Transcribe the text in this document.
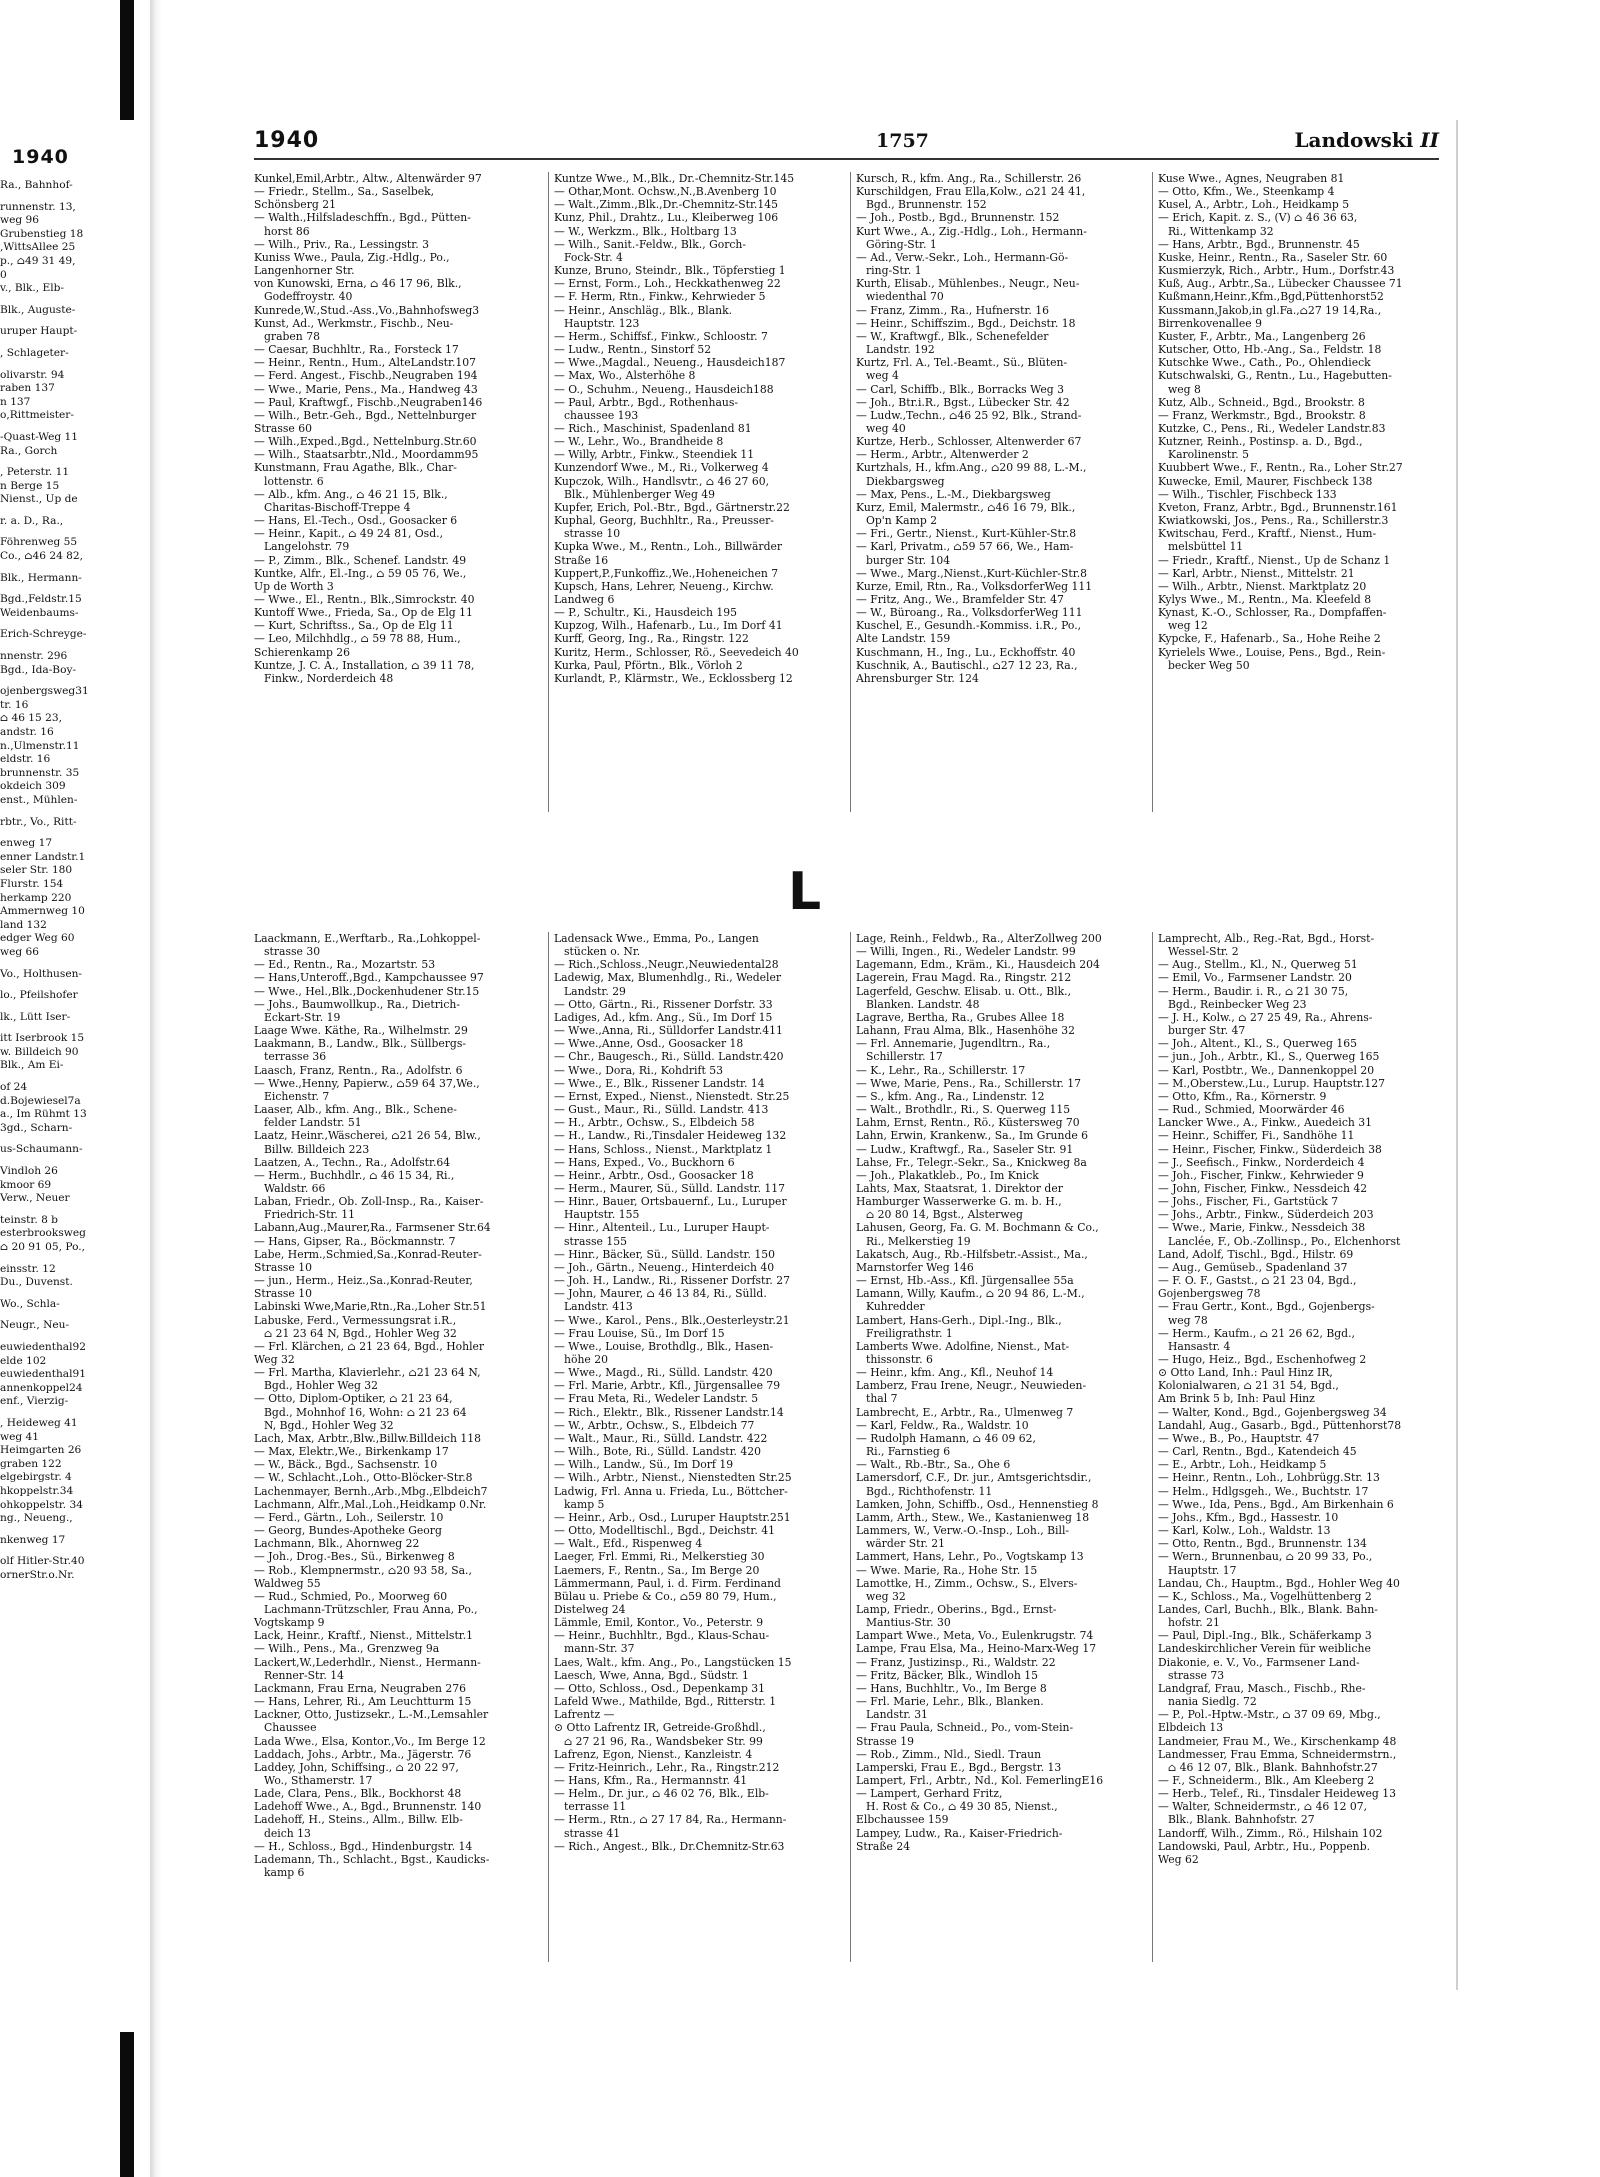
1940
Ra., Bahnhof-
runnenstr. 13,
weg 96
Grubenstieg 18
,WittsAllee 25
p., ⌂49 31 49,
0
v., Blk., Elb-
Blk., Auguste-
uruper Haupt-
, Schlageter-
olivarstr. 94
raben 137
n 137
o,Rittmeister-
-Quast-Weg 11
Ra., Gorch
, Peterstr. 11
n Berge 15
Nienst., Up de
r. a. D., Ra.,
Föhrenweg 55
Co., ⌂46 24 82,
Blk., Hermann-
Bgd.,Feldstr.15
Weidenbaums-
Erich-Schreyge-
nnenstr. 296
Bgd., Ida-Boy-
ojenbergsweg31
tr. 16
⌂ 46 15 23,
andstr. 16
n.,Ulmenstr.11
eldstr. 16
brunnenstr. 35
okdeich 309
enst., Mühlen-
rbtr., Vo., Ritt-
enweg 17
enner Landstr.1
seler Str. 180
Flurstr. 154
herkamp 220
Ammernweg 10
land 132
edger Weg 60
weg 66
Vo., Holthusen-
lo., Pfeilshofer
lk., Lütt Iser-
itt Iserbrook 15
w. Billdeich 90
Blk., Am Ei-
of 24
d.Bojewiesel7a
a., Im Rühmt 13
3gd., Scharn-
us-Schaumann-
Vindloh 26
kmoor 69
Verw., Neuer
teinstr. 8 b
esterbrooksweg
⌂ 20 91 05, Po.,
einsstr. 12
Du., Duvenst.
Wo., Schla-
Neugr., Neu-
euwiedenthal92
elde 102
euwiedenthal91
annenkoppel24
enf., Vierzig-
, Heideweg 41
weg 41
Heimgarten 26
graben 122
elgebirgstr. 4
hkoppelstr.34
ohkoppelstr. 34
ng., Neueng.,
nkenweg 17
olf Hitler-Str.40
ornerStr.o.Nr.
1940	1757	Landowski II
Kunkel,Emil,Arbtr., Altw., Altenwärder 97
— Friedr., Stellm., Sa., Saselbek,
Schönsberg 21
— Walth.,Hilfsladeschffn., Bgd., Pütten-
horst 86
— Wilh., Priv., Ra., Lessingstr. 3
Kuniss Wwe., Paula, Zig.-Hdlg., Po.,
Langenhorner Str.
von Kunowski, Erna, ⌂ 46 17 96, Blk.,
Godeffroystr. 40
Kunrede,W.,Stud.-Ass.,Vo.,Bahnhofsweg3
Kunst, Ad., Werkmstr., Fischb., Neu-
graben 78
— Caesar, Buchhltr., Ra., Forsteck 17
— Heinr., Rentn., Hum., AlteLandstr.107
— Ferd. Angest., Fischb.,Neugraben 194
— Wwe., Marie, Pens., Ma., Handweg 43
— Paul, Kraftwgf., Fischb.,Neugraben146
— Wilh., Betr.-Geh., Bgd., Nettelnburger
Strasse 60
— Wilh.,Exped.,Bgd., Nettelnburg.Str.60
— Wilh., Staatsarbtr.,Nld., Moordamm95
Kunstmann, Frau Agathe, Blk., Char-
lottenstr. 6
— Alb., kfm. Ang., ⌂ 46 21 15, Blk.,
Charitas-Bischoff-Treppe 4
— Hans, El.-Tech., Osd., Goosacker 6
— Heinr., Kapit., ⌂ 49 24 81, Osd.,
Langelohstr. 79
— P., Zimm., Blk., Schenef. Landstr. 49
Kuntke, Alfr., El.-Ing., ⌂ 59 05 76, We.,
Up de Worth 3
— Wwe., El., Rentn., Blk.,Simrockstr. 40
Kuntoff Wwe., Frieda, Sa., Op de Elg 11
— Kurt, Schriftss., Sa., Op de Elg 11
— Leo, Milchhdlg., ⌂ 59 78 88, Hum.,
Schierenkamp 26
Kuntze, J. C. A., Installation, ⌂ 39 11 78,
Finkw., Norderdeich 48
Kuntze Wwe., M.,Blk., Dr.-Chemnitz-Str.145
— Othar,Mont. Ochsw.,N.,B.Avenberg 10
— Walt.,Zimm.,Blk.,Dr.-Chemnitz-Str.145
Kunz, Phil., Drahtz., Lu., Kleiberweg 106
— W., Werkzm., Blk., Holtbarg 13
— Wilh., Sanit.-Feldw., Blk., Gorch-
Fock-Str. 4
Kunze, Bruno, Steindr., Blk., Töpferstieg 1
— Ernst, Form., Loh., Heckkathenweg 22
— F. Herm, Rtn., Finkw., Kehrwieder 5
— Heinr., Anschläg., Blk., Blank.
Hauptstr. 123
— Herm., Schiffsf., Finkw., Schloostr. 7
— Ludw., Rentn., Sinstorf 52
— Wwe.,Magdal., Neueng., Hausdeich187
— Max, Wo., Alsterhöhe 8
— O., Schuhm., Neueng., Hausdeich188
— Paul, Arbtr., Bgd., Rothenhaus-
chaussee 193
— Rich., Maschinist, Spadenland 81
— W., Lehr., Wo., Brandheide 8
— Willy, Arbtr., Finkw., Steendiek 11
Kunzendorf Wwe., M., Ri., Volkerweg 4
Kupczok, Wilh., Handlsvtr., ⌂ 46 27 60,
Blk., Mühlenberger Weg 49
Kupfer, Erich, Pol.-Btr., Bgd., Gärtnerstr.22
Kuphal, Georg, Buchhltr., Ra., Preusser-
strasse 10
Kupka Wwe., M., Rentn., Loh., Billwärder
Straße 16
Kuppert,P.,Funkoffiz.,We.,Hoheneichen 7
Kupsch, Hans, Lehrer, Neueng., Kirchw.
Landweg 6
— P., Schultr., Ki., Hausdeich 195
Kupzog, Wilh., Hafenarb., Lu., Im Dorf 41
Kurff, Georg, Ing., Ra., Ringstr. 122
Kuritz, Herm., Schlosser, Rö., Seevedeich 40
Kurka, Paul, Pförtn., Blk., Vörloh 2
Kurlandt, P., Klärmstr., We., Ecklossberg 12
Kursch, R., kfm. Ang., Ra., Schillerstr. 26
Kurschildgen, Frau Ella,Kolw., ⌂21 24 41,
Bgd., Brunnenstr. 152
— Joh., Postb., Bgd., Brunnenstr. 152
Kurt Wwe., A., Zig.-Hdlg., Loh., Hermann-
Göring-Str. 1
— Ad., Verw.-Sekr., Loh., Hermann-Gö-
ring-Str. 1
Kurth, Elisab., Mühlenbes., Neugr., Neu-
wiedenthal 70
— Franz, Zimm., Ra., Hufnerstr. 16
— Heinr., Schiffszim., Bgd., Deichstr. 18
— W., Kraftwgf., Blk., Schenefelder
Landstr. 192
Kurtz, Frl. A., Tel.-Beamt., Sü., Blüten-
weg 4
— Carl, Schiffb., Blk., Borracks Weg 3
— Joh., Btr.i.R., Bgst., Lübecker Str. 42
— Ludw.,Techn., ⌂46 25 92, Blk., Strand-
weg 40
Kurtze, Herb., Schlosser, Altenwerder 67
— Herm., Arbtr., Altenwerder 2
Kurtzhals, H., kfm.Ang., ⌂20 99 88, L.-M.,
Diekbargsweg
— Max, Pens., L.-M., Diekbargsweg
Kurz, Emil, Malermstr., ⌂46 16 79, Blk.,
Op'n Kamp 2
— Fri., Gertr., Nienst., Kurt-Kühler-Str.8
— Karl, Privatm., ⌂59 57 66, We., Ham-
burger Str. 104
— Wwe., Marg.,Nienst.,Kurt-Küchler-Str.8
Kurze, Emil, Rtn., Ra., VolksdorferWeg 111
— Fritz, Ang., We., Bramfelder Str. 47
— W., Büroang., Ra., VolksdorferWeg 111
Kuschel, E., Gesundh.-Kommiss. i.R., Po.,
Alte Landstr. 159
Kuschmann, H., Ing., Lu., Eckhoffstr. 40
Kuschnik, A., Bautischl., ⌂27 12 23, Ra.,
Ahrensburger Str. 124
Kuse Wwe., Agnes, Neugraben 81
— Otto, Kfm., We., Steenkamp 4
Kusel, A., Arbtr., Loh., Heidkamp 5
— Erich, Kapit. z. S., (V) ⌂ 46 36 63,
Ri., Wittenkamp 32
— Hans, Arbtr., Bgd., Brunnenstr. 45
Kuske, Heinr., Rentn., Ra., Saseler Str. 60
Kusmierzyk, Rich., Arbtr., Hum., Dorfstr.43
Kuß, Aug., Arbtr.,Sa., Lübecker Chaussee 71
Kußmann,Heinr.,Kfm.,Bgd,Püttenhorst52
Kussmann,Jakob,in gl.Fa.,⌂27 19 14,Ra.,
Birrenkovenallee 9
Kuster, F., Arbtr., Ma., Langenberg 26
Kutscher, Otto, Hb.-Ang., Sa., Feldstr. 18
Kutschke Wwe., Cath., Po., Ohlendieck
Kutschwalski, G., Rentn., Lu., Hagebutten-
weg 8
Kutz, Alb., Schneid., Bgd., Brookstr. 8
— Franz, Werkmstr., Bgd., Brookstr. 8
Kutzke, C., Pens., Ri., Wedeler Landstr.83
Kutzner, Reinh., Postinsp. a. D., Bgd.,
Karolinenstr. 5
Kuubbert Wwe., F., Rentn., Ra., Loher Str.27
Kuwecke, Emil, Maurer, Fischbeck 138
— Wilh., Tischler, Fischbeck 133
Kveton, Franz, Arbtr., Bgd., Brunnenstr.161
Kwiatkowski, Jos., Pens., Ra., Schillerstr.3
Kwitschau, Ferd., Kraftf., Nienst., Hum-
melsbüttel 11
— Friedr., Kraftf., Nienst., Up de Schanz 1
— Karl, Arbtr., Nienst., Mittelstr. 21
— Wilh., Arbtr., Nienst. Marktplatz 20
Kylys Wwe., M., Rentn., Ma. Kleefeld 8
Kynast, K.-O., Schlosser, Ra., Dompfaffen-
weg 12
Kypcke, F., Hafenarb., Sa., Hohe Reihe 2
Kyrielels Wwe., Louise, Pens., Bgd., Rein-
becker Weg 50
L
Laackmann, E.,Werftarb., Ra.,Lohkoppel-
strasse 30
— Ed., Rentn., Ra., Mozartstr. 53
— Hans,Unteroff.,Bgd., Kampchaussee 97
— Wwe., Hel.,Blk.,Dockenhudener Str.15
— Johs., Baumwollkup., Ra., Dietrich-
Eckart-Str. 19
Laage Wwe. Käthe, Ra., Wilhelmstr. 29
Laakmann, B., Landw., Blk., Süllbergs-
terrasse 36
Laasch, Franz, Rentn., Ra., Adolfstr. 6
— Wwe.,Henny, Papierw., ⌂59 64 37,We.,
Eichenstr. 7
Laaser, Alb., kfm. Ang., Blk., Schene-
felder Landstr. 51
Laatz, Heinr.,Wäscherei, ⌂21 26 54, Blw.,
Billw. Billdeich 223
Laatzen, A., Techn., Ra., Adolfstr.64
— Herm., Buchhdlr., ⌂ 46 15 34, Ri.,
Waldstr. 66
Laban, Friedr., Ob. Zoll-Insp., Ra., Kaiser-
Friedrich-Str. 11
Labann,Aug.,Maurer,Ra., Farmsener Str.64
— Hans, Gipser, Ra., Böckmannstr. 7
Labe, Herm.,Schmied,Sa.,Konrad-Reuter-
Strasse 10
— jun., Herm., Heiz.,Sa.,Konrad-Reuter,
Strasse 10
Labinski Wwe,Marie,Rtn.,Ra.,Loher Str.51
Labuske, Ferd., Vermessungsrat i.R.,
⌂ 21 23 64 N, Bgd., Hohler Weg 32
— Frl. Klärchen, ⌂ 21 23 64, Bgd., Hohler
Weg 32
— Frl. Martha, Klavierlehr., ⌂21 23 64 N,
Bgd., Hohler Weg 32
— Otto, Diplom-Optiker, ⌂ 21 23 64,
Bgd., Mohnhof 16, Wohn: ⌂ 21 23 64
N, Bgd., Hohler Weg 32
Lach, Max, Arbtr.,Blw.,Billw.Billdeich 118
— Max, Elektr.,We., Birkenkamp 17
— W., Bäck., Bgd., Sachsenstr. 10
— W., Schlacht.,Loh., Otto-Blöcker-Str.8
Lachenmayer, Bernh.,Arb.,Mbg.,Elbdeich7
Lachmann, Alfr.,Mal.,Loh.,Heidkamp 0.Nr.
— Ferd., Gärtn., Loh., Seilerstr. 10
— Georg, Bundes-Apotheke Georg
Lachmann, Blk., Ahornweg 22
— Joh., Drog.-Bes., Sü., Birkenweg 8
— Rob., Klempnermstr., ⌂20 93 58, Sa.,
Waldweg 55
— Rud., Schmied, Po., Moorweg 60
Lachmann-Trützschler, Frau Anna, Po.,
Vogtskamp 9
Lack, Heinr., Kraftf., Nienst., Mittelstr.1
— Wilh., Pens., Ma., Grenzweg 9a
Lackert,W.,Lederhdlr., Nienst., Hermann-
Renner-Str. 14
Lackmann, Frau Erna, Neugraben 276
— Hans, Lehrer, Ri., Am Leuchtturm 15
Lackner, Otto, Justizsekr., L.-M.,Lemsahler
Chaussee
Lada Wwe., Elsa, Kontor.,Vo., Im Berge 12
Laddach, Johs., Arbtr., Ma., Jägerstr. 76
Laddey, John, Schiffsing., ⌂ 20 22 97,
Wo., Sthamerstr. 17
Lade, Clara, Pens., Blk., Bockhorst 48
Ladehoff Wwe., A., Bgd., Brunnenstr. 140
Ladehoff, H., Steins., Allm., Billw. Elb-
deich 13
— H., Schloss., Bgd., Hindenburgstr. 14
Lademann, Th., Schlacht., Bgst., Kaudicks-
kamp 6
Ladensack Wwe., Emma, Po., Langen
stücken o. Nr.
— Rich.,Schloss.,Neugr.,Neuwiedental28
Ladewig, Max, Blumenhdlg., Ri., Wedeler
Landstr. 29
— Otto, Gärtn., Ri., Rissener Dorfstr. 33
Ladiges, Ad., kfm. Ang., Sü., Im Dorf 15
— Wwe.,Anna, Ri., Sülldorfer Landstr.411
— Wwe.,Anne, Osd., Goosacker 18
— Chr., Baugesch., Ri., Sülld. Landstr.420
— Wwe., Dora, Ri., Kohdrift 53
— Wwe., E., Blk., Rissener Landstr. 14
— Ernst, Exped., Nienst., Nienstedt. Str.25
— Gust., Maur., Ri., Sülld. Landstr. 413
— H., Arbtr., Ochsw., S., Elbdeich 58
— H., Landw., Ri.,Tinsdaler Heideweg 132
— Hans, Schloss., Nienst., Marktplatz 1
— Hans, Exped., Vo., Buckhorn 6
— Heinr., Arbtr., Osd., Goosacker 18
— Herm., Maurer, Sü., Sülld. Landstr. 117
— Hinr., Bauer, Ortsbauernf., Lu., Luruper
Hauptstr. 155
— Hinr., Altenteil., Lu., Luruper Haupt-
strasse 155
— Hinr., Bäcker, Sü., Sülld. Landstr. 150
— Joh., Gärtn., Neueng., Hinterdeich 40
— Joh. H., Landw., Ri., Rissener Dorfstr. 27
— John, Maurer, ⌂ 46 13 84, Ri., Sülld.
Landstr. 413
— Wwe., Karol., Pens., Blk.,Oesterleystr.21
— Frau Louise, Sü., Im Dorf 15
— Wwe., Louise, Brothdlg., Blk., Hasen-
höhe 20
— Wwe., Magd., Ri., Sülld. Landstr. 420
— Frl. Marie, Arbtr., Kfl., Jürgensallee 79
— Frau Meta, Ri., Wedeler Landstr. 5
— Rich., Elektr., Blk., Rissener Landstr.14
— W., Arbtr., Ochsw., S., Elbdeich 77
— Walt., Maur., Ri., Sülld. Landstr. 422
— Wilh., Bote, Ri., Sülld. Landstr. 420
— Wilh., Landw., Sü., Im Dorf 19
— Wilh., Arbtr., Nienst., Nienstedten Str.25
Ladwig, Frl. Anna u. Frieda, Lu., Böttcher-
kamp 5
— Heinr., Arb., Osd., Luruper Hauptstr.251
— Otto, Modelltischl., Bgd., Deichstr. 41
— Walt., Efd., Rispenweg 4
Laeger, Frl. Emmi, Ri., Melkerstieg 30
Laemers, F., Rentn., Sa., Im Berge 20
Lämmermann, Paul, i. d. Firm. Ferdinand
Bülau u. Priebe & Co., ⌂59 80 79, Hum.,
Distelweg 24
Lämmle, Emil, Kontor., Vo., Peterstr. 9
— Heinr., Buchhltr., Bgd., Klaus-Schau-
mann-Str. 37
Laes, Walt., kfm. Ang., Po., Langstücken 15
Laesch, Wwe, Anna, Bgd., Südstr. 1
— Otto, Schloss., Osd., Depenkamp 31
Lafeld Wwe., Mathilde, Bgd., Ritterstr. 1
Lafrentz —
⊙ Otto Lafrentz IR, Getreide-Großhdl.,
⌂ 27 21 96, Ra., Wandsbeker Str. 99
Lafrenz, Egon, Nienst., Kanzleistr. 4
— Fritz-Heinrich., Lehr., Ra., Ringstr.212
— Hans, Kfm., Ra., Hermannstr. 41
— Helm., Dr. jur., ⌂ 46 02 76, Blk., Elb-
terrasse 11
— Herm., Rtn., ⌂ 27 17 84, Ra., Hermann-
strasse 41
— Rich., Angest., Blk., Dr.Chemnitz-Str.63
Lage, Reinh., Feldwb., Ra., AlterZollweg 200
— Willi, Ingen., Ri., Wedeler Landstr. 99
Lagemann, Edm., Kräm., Ki., Hausdeich 204
Lagerein, Frau Magd. Ra., Ringstr. 212
Lagerfeld, Geschw. Elisab. u. Ott., Blk.,
Blanken. Landstr. 48
Lagrave, Bertha, Ra., Grubes Allee 18
Lahann, Frau Alma, Blk., Hasenhöhe 32
— Frl. Annemarie, Jugendltrn., Ra.,
Schillerstr. 17
— K., Lehr., Ra., Schillerstr. 17
— Wwe, Marie, Pens., Ra., Schillerstr. 17
— S., kfm. Ang., Ra., Lindenstr. 12
— Walt., Brothdlr., Ri., S. Querweg 115
Lahm, Ernst, Rentn., Rö., Küstersweg 70
Lahn, Erwin, Krankenw., Sa., Im Grunde 6
— Ludw., Kraftwgf., Ra., Saseler Str. 91
Lahse, Fr., Telegr.-Sekr., Sa., Knickweg 8a
— Joh., Plakatkleb., Po., Im Knick
Lahts, Max, Staatsrat, 1. Direktor der
Hamburger Wasserwerke G. m. b. H.,
⌂ 20 80 14, Bgst., Alsterweg
Lahusen, Georg, Fa. G. M. Bochmann & Co.,
Ri., Melkerstieg 19
Lakatsch, Aug., Rb.-Hilfsbetr.-Assist., Ma.,
Marnstorfer Weg 146
— Ernst, Hb.-Ass., Kfl. Jürgensallee 55a
Lamann, Willy, Kaufm., ⌂ 20 94 86, L.-M.,
Kuhredder
Lambert, Hans-Gerh., Dipl.-Ing., Blk.,
Freiligrathstr. 1
Lamberts Wwe. Adolfine, Nienst., Mat-
thissonstr. 6
— Heinr., kfm. Ang., Kfl., Neuhof 14
Lamberz, Frau Irene, Neugr., Neuwieden-
thal 7
Lambrecht, E., Arbtr., Ra., Ulmenweg 7
— Karl, Feldw., Ra., Waldstr. 10
— Rudolph Hamann, ⌂ 46 09 62,
Ri., Farnstieg 6
— Walt., Rb.-Btr., Sa., Ohe 6
Lamersdorf, C.F., Dr. jur., Amtsgerichtsdir.,
Bgd., Richthofenstr. 11
Lamken, John, Schiffb., Osd., Hennenstieg 8
Lamm, Arth., Stew., We., Kastanienweg 18
Lammers, W., Verw.-O.-Insp., Loh., Bill-
wärder Str. 21
Lammert, Hans, Lehr., Po., Vogtskamp 13
— Wwe. Marie, Ra., Hohe Str. 15
Lamottke, H., Zimm., Ochsw., S., Elvers-
weg 32
Lamp, Friedr., Oberins., Bgd., Ernst-
Mantius-Str. 30
Lampart Wwe., Meta, Vo., Eulenkrugstr. 74
Lampe, Frau Elsa, Ma., Heino-Marx-Weg 17
— Franz, Justizinsp., Ri., Waldstr. 22
— Fritz, Bäcker, Blk., Windloh 15
— Hans, Buchhltr., Vo., Im Berge 8
— Frl. Marie, Lehr., Blk., Blanken.
Landstr. 31
— Frau Paula, Schneid., Po., vom-Stein-
Strasse 19
— Rob., Zimm., Nld., Siedl. Traun
Lamperski, Frau E., Bgd., Bergstr. 13
Lampert, Frl., Arbtr., Nd., Kol. FemerlingE16
— Lampert, Gerhard Fritz,
H. Rost & Co., ⌂ 49 30 85, Nienst.,
Elbchaussee 159
Lampey, Ludw., Ra., Kaiser-Friedrich-
Straße 24
Lamprecht, Alb., Reg.-Rat, Bgd., Horst-
Wessel-Str. 2
— Aug., Stellm., Kl., N., Querweg 51
— Emil, Vo., Farmsener Landstr. 20
— Herm., Baudir. i. R., ⌂ 21 30 75,
Bgd., Reinbecker Weg 23
— J. H., Kolw., ⌂ 27 25 49, Ra., Ahrens-
burger Str. 47
— Joh., Altent., Kl., S., Querweg 165
— jun., Joh., Arbtr., Kl., S., Querweg 165
— Karl, Postbtr., We., Dannenkoppel 20
— M.,Oberstew.,Lu., Lurup. Hauptstr.127
— Otto, Kfm., Ra., Körnerstr. 9
— Rud., Schmied, Moorwärder 46
Lancker Wwe., A., Finkw., Auedeich 31
— Heinr., Schiffer, Fi., Sandhöhe 11
— Heinr., Fischer, Finkw., Süderdeich 38
— J., Seefisch., Finkw., Norderdeich 4
— Joh., Fischer, Finkw., Kehrwieder 9
— John, Fischer, Finkw., Nessdeich 42
— Johs., Fischer, Fi., Gartstück 7
— Johs., Arbtr., Finkw., Süderdeich 203
— Wwe., Marie, Finkw., Nessdeich 38
Lanclée, F., Ob.-Zollinsp., Po., Elchenhorst
Land, Adolf, Tischl., Bgd., Hilstr. 69
— Aug., Gemüseb., Spadenland 37
— F. O. F., Gastst., ⌂ 21 23 04, Bgd.,
Gojenbergsweg 78
— Frau Gertr., Kont., Bgd., Gojenbergs-
weg 78
— Herm., Kaufm., ⌂ 21 26 62, Bgd.,
Hansastr. 4
— Hugo, Heiz., Bgd., Eschenhofweg 2
⊙ Otto Land, Inh.: Paul Hinz IR,
Kolonialwaren, ⌂ 21 31 54, Bgd.,
Am Brink 5 b, Inh: Paul Hinz
— Walter, Kond., Bgd., Gojenbergsweg 34
Landahl, Aug., Gasarb., Bgd., Püttenhorst78
— Wwe., B., Po., Hauptstr. 47
— Carl, Rentn., Bgd., Katendeich 45
— E., Arbtr., Loh., Heidkamp 5
— Heinr., Rentn., Loh., Lohbrügg.Str. 13
— Helm., Hdlgsgeh., We., Buchtstr. 17
— Wwe., Ida, Pens., Bgd., Am Birkenhain 6
— Johs., Kfm., Bgd., Hassestr. 10
— Karl, Kolw., Loh., Waldstr. 13
— Otto, Rentn., Bgd., Brunnenstr. 134
— Wern., Brunnenbau, ⌂ 20 99 33, Po.,
Hauptstr. 17
Landau, Ch., Hauptm., Bgd., Hohler Weg 40
— K., Schloss., Ma., Vogelhüttenberg 2
Landes, Carl, Buchh., Blk., Blank. Bahn-
hofstr. 21
— Paul, Dipl.-Ing., Blk., Schäferkamp 3
Landeskirchlicher Verein für weibliche
Diakonie, e. V., Vo., Farmsener Land-
strasse 73
Landgraf, Frau, Masch., Fischb., Rhe-
nania Siedlg. 72
— P., Pol.-Hptw.-Mstr., ⌂ 37 09 69, Mbg.,
Elbdeich 13
Landmeier, Frau M., We., Kirschenkamp 48
Landmesser, Frau Emma, Schneidermstrn.,
⌂ 46 12 07, Blk., Blank. Bahnhofstr.27
— F., Schneiderm., Blk., Am Kleeberg 2
— Herb., Telef., Ri., Tinsdaler Heideweg 13
— Walter, Schneidermstr., ⌂ 46 12 07,
Blk., Blank. Bahnhofstr. 27
Landorff, Wilh., Zimm., Rö., Hilshain 102
Landowski, Paul, Arbtr., Hu., Poppenb.
Weg 62
